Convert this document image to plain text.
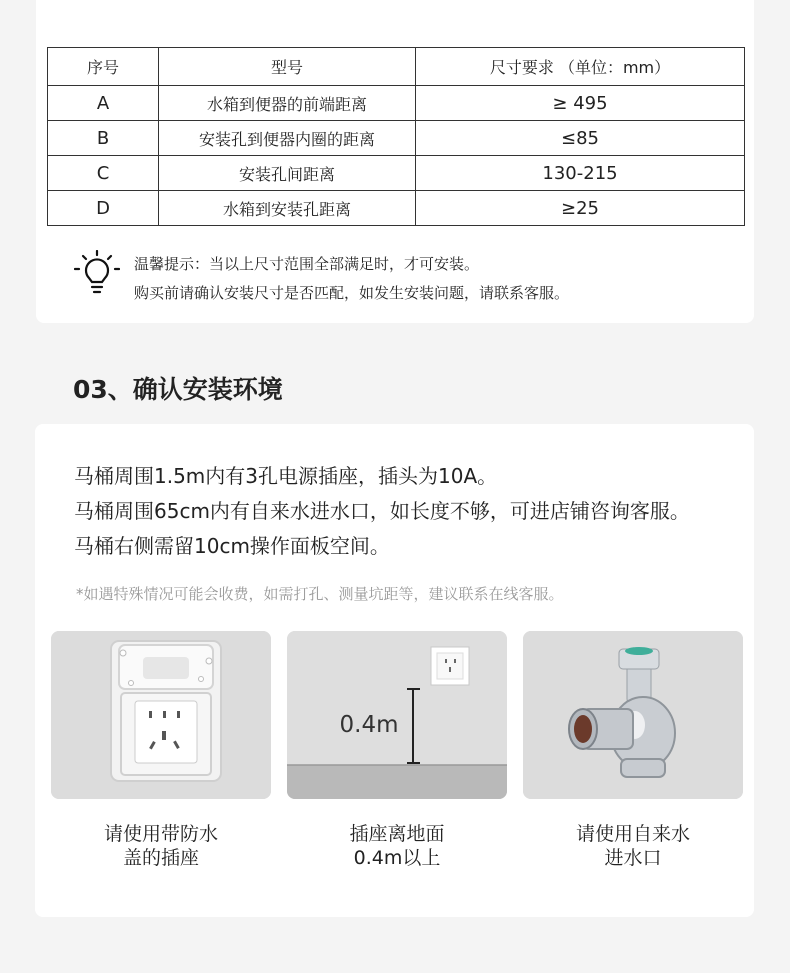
序号	型号	尺寸要求 （单位：mm）
A	水箱到便器的前端距离	≥ 495
B	安装孔到便器内圈的距离	≤85
C	安装孔间距离	130-215
D	水箱到安装孔距离	≥25
温馨提示：当以上尺寸范围全部满足时，才可安装。
购买前请确认安装尺寸是否匹配，如发生安装问题，请联系客服。
03、确认安装环境
马桶周围1.5m内有3孔电源插座，插头为10A。
马桶周围65cm内有自来水进水口，如长度不够，可进店铺咨询客服。
马桶右侧需留10cm操作面板空间。
*如遇特殊情况可能会收费，如需打孔、测量坑距等，建议联系在线客服。
0.4m
请使用带防水
盖的插座
插座离地面
0.4m以上
请使用自来水
进水口
